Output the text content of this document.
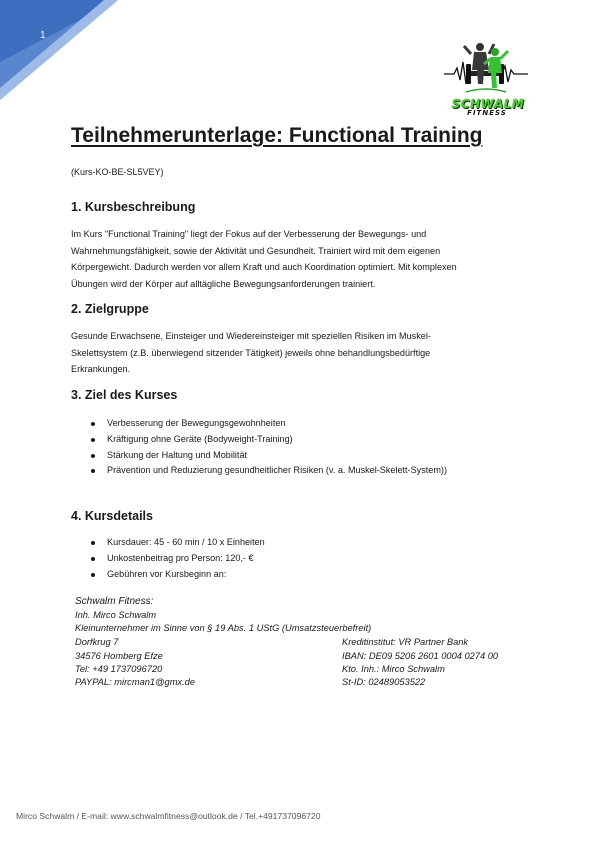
1
SCHWALM
FITNESS
Teilnehmerunterlage: Functional Training
(Kurs-KO-BE-SL5VEY)
1. Kursbeschreibung
Im Kurs "Functional Training" liegt der Fokus auf der Verbesserung der Bewegungs- und
Wahrnehmungsfähigkeit, sowie der Aktivität und Gesundheit. Trainiert wird mit dem eigenen
Körpergewicht. Dadurch werden vor allem Kraft und auch Koordination optimiert. Mit komplexen
Übungen wird der Körper auf alltägliche Bewegungsanforderungen trainiert.
2. Zielgruppe
Gesunde Erwachsene, Einsteiger und Wiedereinsteiger mit speziellen Risiken im Muskel-
Skelettsystem (z.B. überwiegend sitzender Tätigkeit) jeweils ohne behandlungsbedürftige
Erkrankungen.
3. Ziel des Kurses
Verbesserung der Bewegungsgewohnheiten
Kräftigung ohne Geräte (Bodyweight-Training)
Stärkung der Haltung und Mobilität
Prävention und Reduzierung gesundheitlicher Risiken (v. a. Muskel-Skelett-System))
4. Kursdetails
Kursdauer: 45 - 60 min / 10 x Einheiten
Unkostenbeitrag pro Person: 120,- €
Gebühren vor Kursbeginn an:
Schwalm Fitness:
Inh. Mirco Schwalm
Kleinunternehmer im Sinne von § 19 Abs. 1 UStG (Umsatzsteuerbefreit)
Dorfkrug 7
34576 Homberg Efze
Tel: +49 1737096720
PAYPAL: mircman1@gmx.de
Kreditinstitut: VR Partner Bank
IBAN: DE09 5206 2601 0004 0274 00
Kto. Inh.: Mirco Schwalm
St-ID: 02489053522
Mirco Schwalm / E-mail: www.schwalmfitness@outlook.de / Tel.+491737096720
